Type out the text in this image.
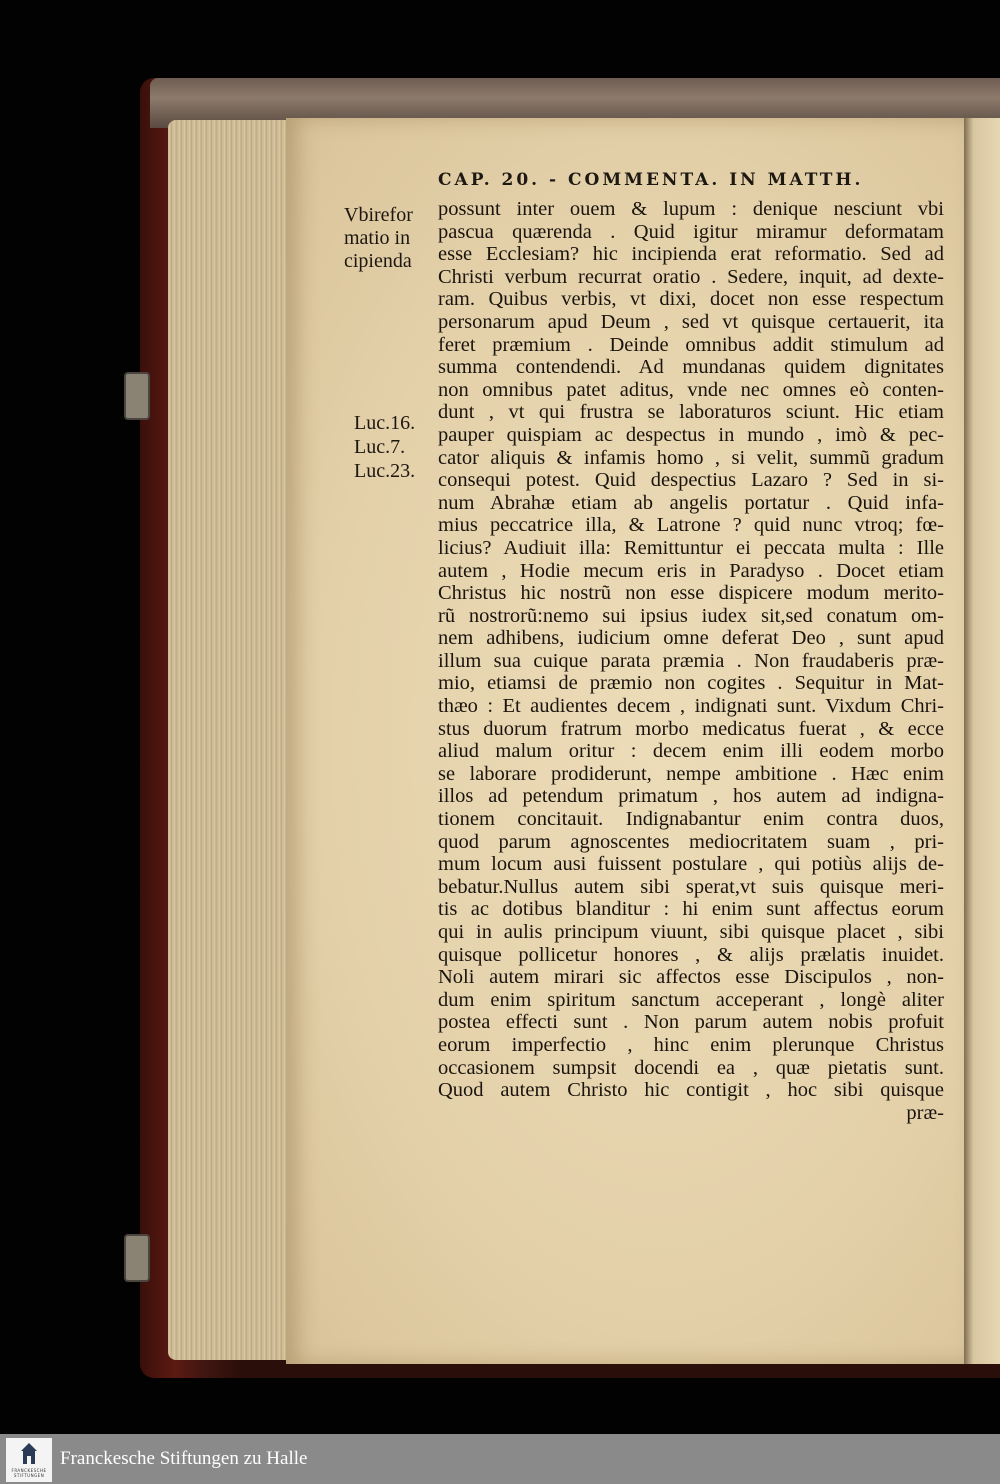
CAP. 20. - COMMENTA. IN MATTH.
Vbirefor
matio in
cipienda
Luc.16.
Luc.7.
Luc.23.
possunt inter ouem & lupum : denique nesciunt vbi
pascua quærenda . Quid igitur miramur deformatam
esse Ecclesiam? hic incipienda erat reformatio. Sed ad
Christi verbum recurrat oratio . Sedere, inquit, ad dexte-
ram. Quibus verbis, vt dixi, docet non esse respectum
personarum apud Deum , sed vt quisque certauerit, ita
feret præmium . Deinde omnibus addit stimulum ad
summa contendendi. Ad mundanas quidem dignitates
non omnibus patet aditus, vnde nec omnes eò conten-
dunt , vt qui frustra se laboraturos sciunt. Hic etiam
pauper quispiam ac despectus in mundo , imò & pec-
cator aliquis & infamis homo , si velit, summũ gradum
consequi potest. Quid despectius Lazaro ? Sed in si-
num Abrahæ etiam ab angelis portatur . Quid infa-
mius peccatrice illa, & Latrone ? quid nunc vtroq; fœ-
licius? Audiuit illa: Remittuntur ei peccata multa : Ille
autem , Hodie mecum eris in Paradyso . Docet etiam
Christus hic nostrũ non esse dispicere modum merito-
rũ nostrorũ:nemo sui ipsius iudex sit,sed conatum om-
nem adhibens, iudicium omne deferat Deo , sunt apud
illum sua cuique parata præmia . Non fraudaberis præ-
mio, etiamsi de præmio non cogites . Sequitur in Mat-
thæo : Et audientes decem , indignati sunt. Vixdum Chri-
stus duorum fratrum morbo medicatus fuerat , & ecce
aliud malum oritur : decem enim illi eodem morbo
se laborare prodiderunt, nempe ambitione . Hæc enim
illos ad petendum primatum , hos autem ad indigna-
tionem concitauit. Indignabantur enim contra duos,
quod parum agnoscentes mediocritatem suam , pri-
mum locum ausi fuissent postulare , qui potiùs alijs de-
bebatur.Nullus autem sibi sperat,vt suis quisque meri-
tis ac dotibus blanditur : hi enim sunt affectus eorum
qui in aulis principum viuunt, sibi quisque placet , sibi
quisque pollicetur honores , & alijs prælatis inuidet.
Noli autem mirari sic affectos esse Discipulos , non-
dum enim spiritum sanctum acceperant , longè aliter
postea effecti sunt . Non parum autem nobis profuit
eorum imperfectio , hinc enim plerunque Christus
occasionem sumpsit docendi ea , quæ pietatis sunt.
Quod autem Christo hic contigit , hoc sibi quisque
præ-
FRANCKESCHE STIFTUNGEN
Franckesche Stiftungen zu Halle
